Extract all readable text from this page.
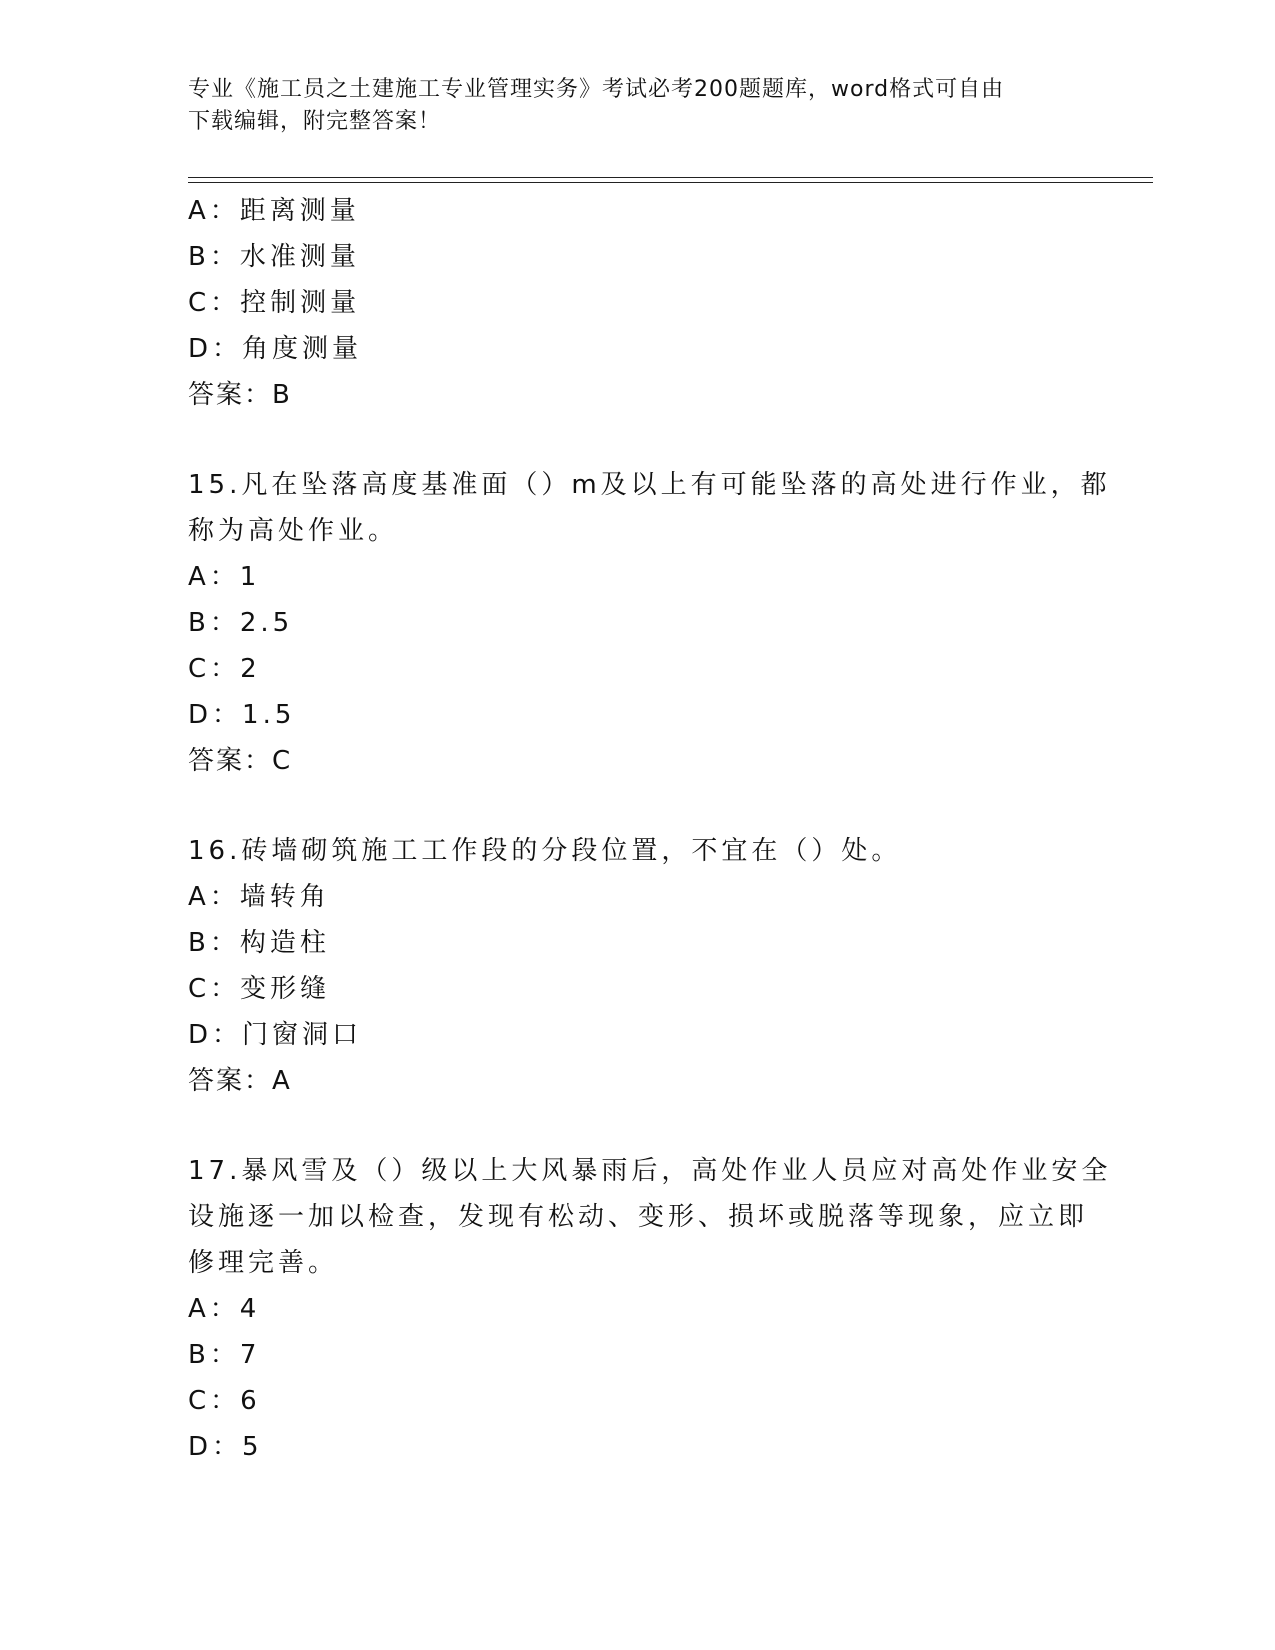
专业《施工员之土建施工专业管理实务》考试必考200题题库，word格式可自由
下载编辑，附完整答案！
A：距离测量
B：水准测量
C：控制测量
D：角度测量
答案：B
15.凡在坠落高度基准面（）m及以上有可能坠落的高处进行作业，都
称为高处作业。
A：1
B：2.5
C：2
D：1.5
答案：C
16.砖墙砌筑施工工作段的分段位置，不宜在（）处。
A：墙转角
B：构造柱
C：变形缝
D：门窗洞口
答案：A
17.暴风雪及（）级以上大风暴雨后，高处作业人员应对高处作业安全
设施逐一加以检查，发现有松动、变形、损坏或脱落等现象，应立即
修理完善。
A：4
B：7
C：6
D：5
